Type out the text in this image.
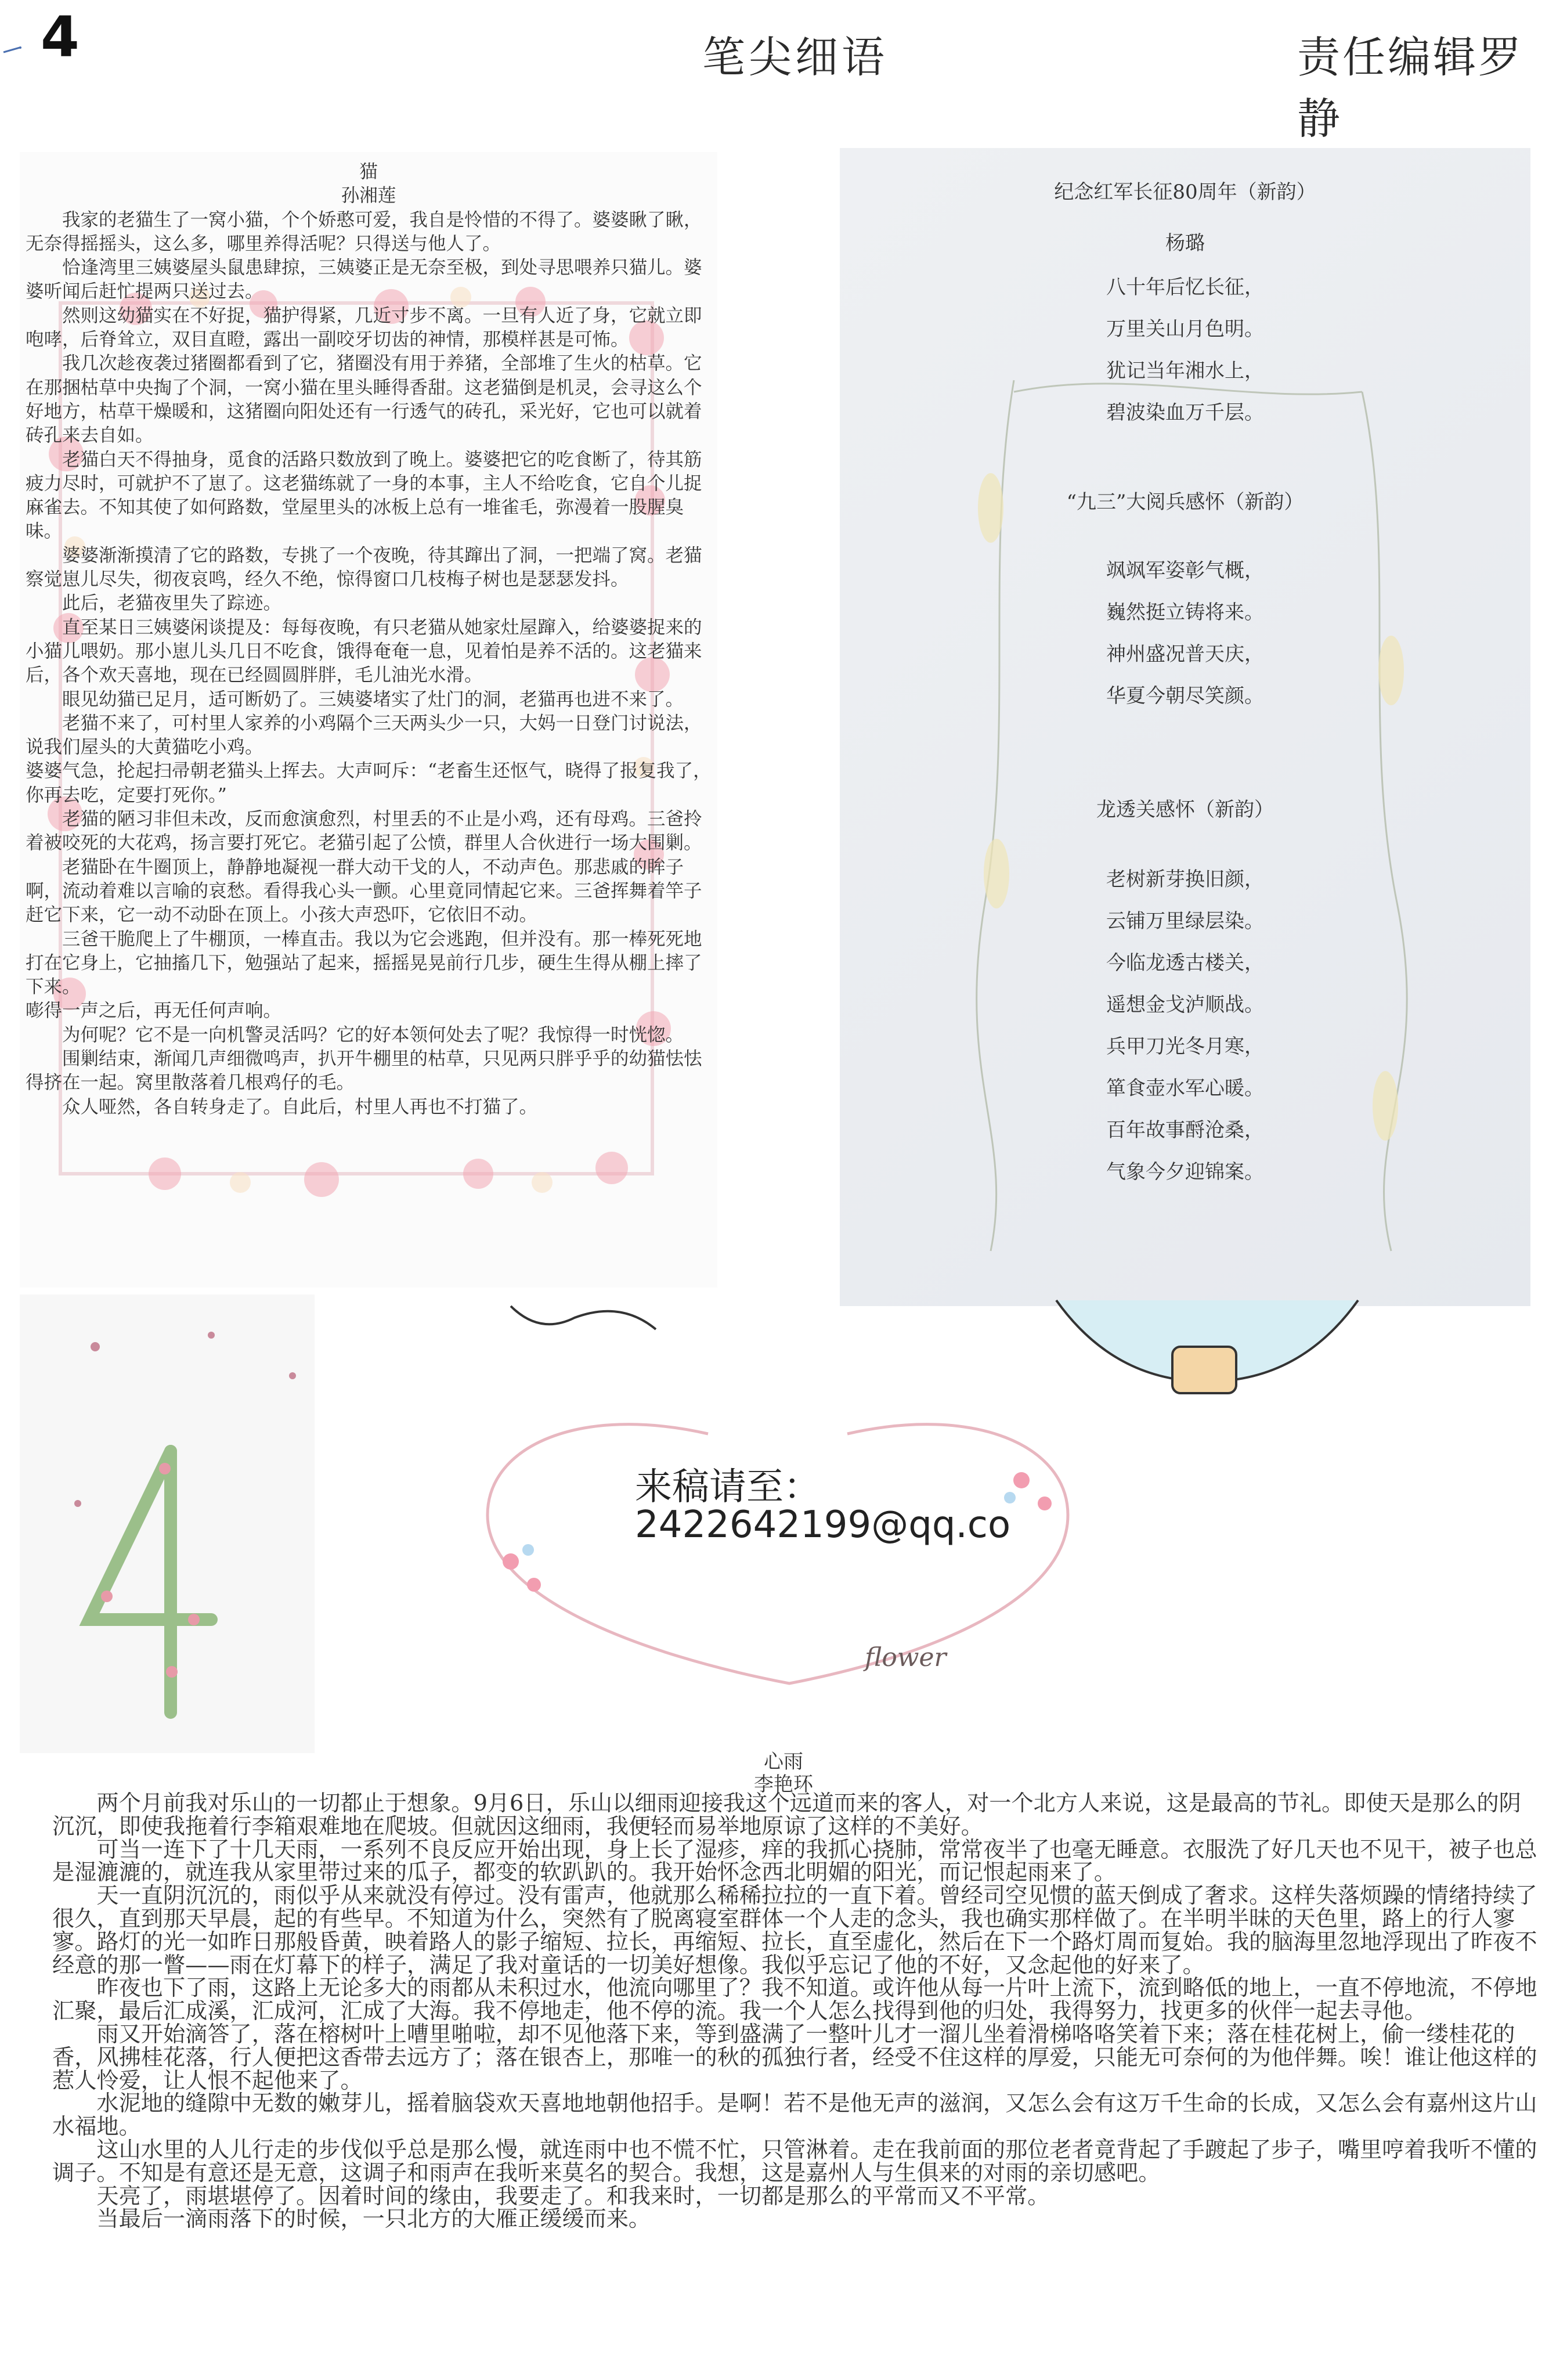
4	笔尖细语	责任编辑罗静

猫

孙湘莲

我家的老猫生了一窝小猫，个个娇憨可爱，我自是怜惜的不得了。婆婆瞅了瞅，无奈得摇摇头，这么多，哪里养得活呢？只得送与他人了。

恰逢湾里三姨婆屋头鼠患肆掠，三姨婆正是无奈至极，到处寻思喂养只猫儿。婆婆听闻后赶忙提两只送过去。

然则这幼猫实在不好捉，猫护得紧，几近寸步不离。一旦有人近了身，它就立即咆哮，后脊耸立，双目直瞪，露出一副咬牙切齿的神情，那模样甚是可怖。

我几次趁夜袭过猪圈都看到了它，猪圈没有用于养猪，全部堆了生火的枯草。它在那捆枯草中央掏了个洞，一窝小猫在里头睡得香甜。这老猫倒是机灵，会寻这么个好地方，枯草干燥暖和，这猪圈向阳处还有一行透气的砖孔，采光好，它也可以就着砖孔来去自如。

老猫白天不得抽身，觅食的活路只数放到了晚上。婆婆把它的吃食断了，待其筋疲力尽时，可就护不了崽了。这老猫练就了一身的本事，主人不给吃食，它自个儿捉麻雀去。不知其使了如何路数，堂屋里头的冰板上总有一堆雀毛，弥漫着一股腥臭味。

婆婆渐渐摸清了它的路数，专挑了一个夜晚，待其蹿出了洞，一把端了窝。老猫察觉崽儿尽失，彻夜哀鸣，经久不绝，惊得窗口几枝梅子树也是瑟瑟发抖。

此后，老猫夜里失了踪迹。

直至某日三姨婆闲谈提及：每每夜晚，有只老猫从她家灶屋蹿入，给婆婆捉来的小猫儿喂奶。那小崽儿头几日不吃食，饿得奄奄一息，见着怕是养不活的。这老猫来后，各个欢天喜地，现在已经圆圆胖胖，毛儿油光水滑。

眼见幼猫已足月，适可断奶了。三姨婆堵实了灶门的洞，老猫再也进不来了。

老猫不来了，可村里人家养的小鸡隔个三天两头少一只，大妈一日登门讨说法，说我们屋头的大黄猫吃小鸡。

婆婆气急，抡起扫帚朝老猫头上挥去。大声呵斥：“老畜生还怄气，晓得了报复我了，你再去吃，定要打死你。”

老猫的陋习非但未改，反而愈演愈烈，村里丢的不止是小鸡，还有母鸡。三爸拎着被咬死的大花鸡，扬言要打死它。老猫引起了公愤，群里人合伙进行一场大围剿。

老猫卧在牛圈顶上，静静地凝视一群大动干戈的人，不动声色。那悲戚的眸子啊，流动着难以言喻的哀愁。看得我心头一颤。心里竟同情起它来。三爸挥舞着竿子赶它下来，它一动不动卧在顶上。小孩大声恐吓，它依旧不动。

三爸干脆爬上了牛棚顶，一棒直击。我以为它会逃跑，但并没有。那一棒死死地打在它身上，它抽搐几下，勉强站了起来，摇摇晃晃前行几步，硬生生得从棚上摔了下来。

嘭得一声之后，再无任何声响。

为何呢？它不是一向机警灵活吗？它的好本领何处去了呢？我惊得一时恍惚。

围剿结束，渐闻几声细微鸣声，扒开牛棚里的枯草，只见两只胖乎乎的幼猫怯怯得挤在一起。窝里散落着几根鸡仔的毛。

众人哑然，各自转身走了。自此后，村里人再也不打猫了。

纪念红军长征80周年（新韵）
杨璐
八十年后忆长征，
万里关山月色明。
犹记当年湘水上，
碧波染血万千层。
“九三”大阅兵感怀（新韵）
飒飒军姿彰气概，
巍然挺立铸将来。
神州盛况普天庆，
华夏今朝尽笑颜。
龙透关感怀（新韵）
老树新芽换旧颜，
云铺万里绿层染。
今临龙透古楼关，
遥想金戈泸顺战。
兵甲刀光冬月寒，
箪食壶水军心暖。
百年故事酹沧桑，
气象今夕迎锦案。
flower
来稿请至：
2422642199@qq.co
心雨
李艳环

两个月前我对乐山的一切都止于想象。9月6日，乐山以细雨迎接我这个远道而来的客人，对一个北方人来说，这是最高的节礼。即使天是那么的阴沉沉，即使我拖着行李箱艰难地在爬坡。但就因这细雨，我便轻而易举地原谅了这样的不美好。

可当一连下了十几天雨，一系列不良反应开始出现，身上长了湿疹，痒的我抓心挠肺，常常夜半了也毫无睡意。衣服洗了好几天也不见干，被子也总是湿漉漉的，就连我从家里带过来的瓜子，都变的软趴趴的。我开始怀念西北明媚的阳光，而记恨起雨来了。

天一直阴沉沉的，雨似乎从来就没有停过。没有雷声，他就那么稀稀拉拉的一直下着。曾经司空见惯的蓝天倒成了奢求。这样失落烦躁的情绪持续了很久，直到那天早晨，起的有些早。不知道为什么，突然有了脱离寝室群体一个人走的念头，我也确实那样做了。在半明半昧的天色里，路上的行人寥寥。路灯的光一如昨日那般昏黄，映着路人的影子缩短、拉长，再缩短、拉长，直至虚化，然后在下一个路灯周而复始。我的脑海里忽地浮现出了昨夜不经意的那一瞥——雨在灯幕下的样子，满足了我对童话的一切美好想像。我似乎忘记了他的不好，又念起他的好来了。

昨夜也下了雨，这路上无论多大的雨都从未积过水，他流向哪里了？我不知道。或许他从每一片叶上流下，流到略低的地上，一直不停地流，不停地汇聚，最后汇成溪，汇成河，汇成了大海。我不停地走，他不停的流。我一个人怎么找得到他的归处，我得努力，找更多的伙伴一起去寻他。

雨又开始滴答了，落在榕树叶上嘈里啪啦，却不见他落下来，等到盛满了一整叶儿才一溜儿坐着滑梯咯咯笑着下来；落在桂花树上，偷一缕桂花的香，风拂桂花落，行人便把这香带去远方了；落在银杏上，那唯一的秋的孤独行者，经受不住这样的厚爱，只能无可奈何的为他伴舞。唉！谁让他这样的惹人怜爱，让人恨不起他来了。

水泥地的缝隙中无数的嫩芽儿，摇着脑袋欢天喜地地朝他招手。是啊！若不是他无声的滋润，又怎么会有这万千生命的长成，又怎么会有嘉州这片山水福地。

这山水里的人儿行走的步伐似乎总是那么慢，就连雨中也不慌不忙，只管淋着。走在我前面的那位老者竟背起了手踱起了步子，嘴里哼着我听不懂的调子。不知是有意还是无意，这调子和雨声在我听来莫名的契合。我想，这是嘉州人与生俱来的对雨的亲切感吧。

天亮了，雨堪堪停了。因着时间的缘由，我要走了。和我来时，一切都是那么的平常而又不平常。

当最后一滴雨落下的时候，一只北方的大雁正缓缓而来。
